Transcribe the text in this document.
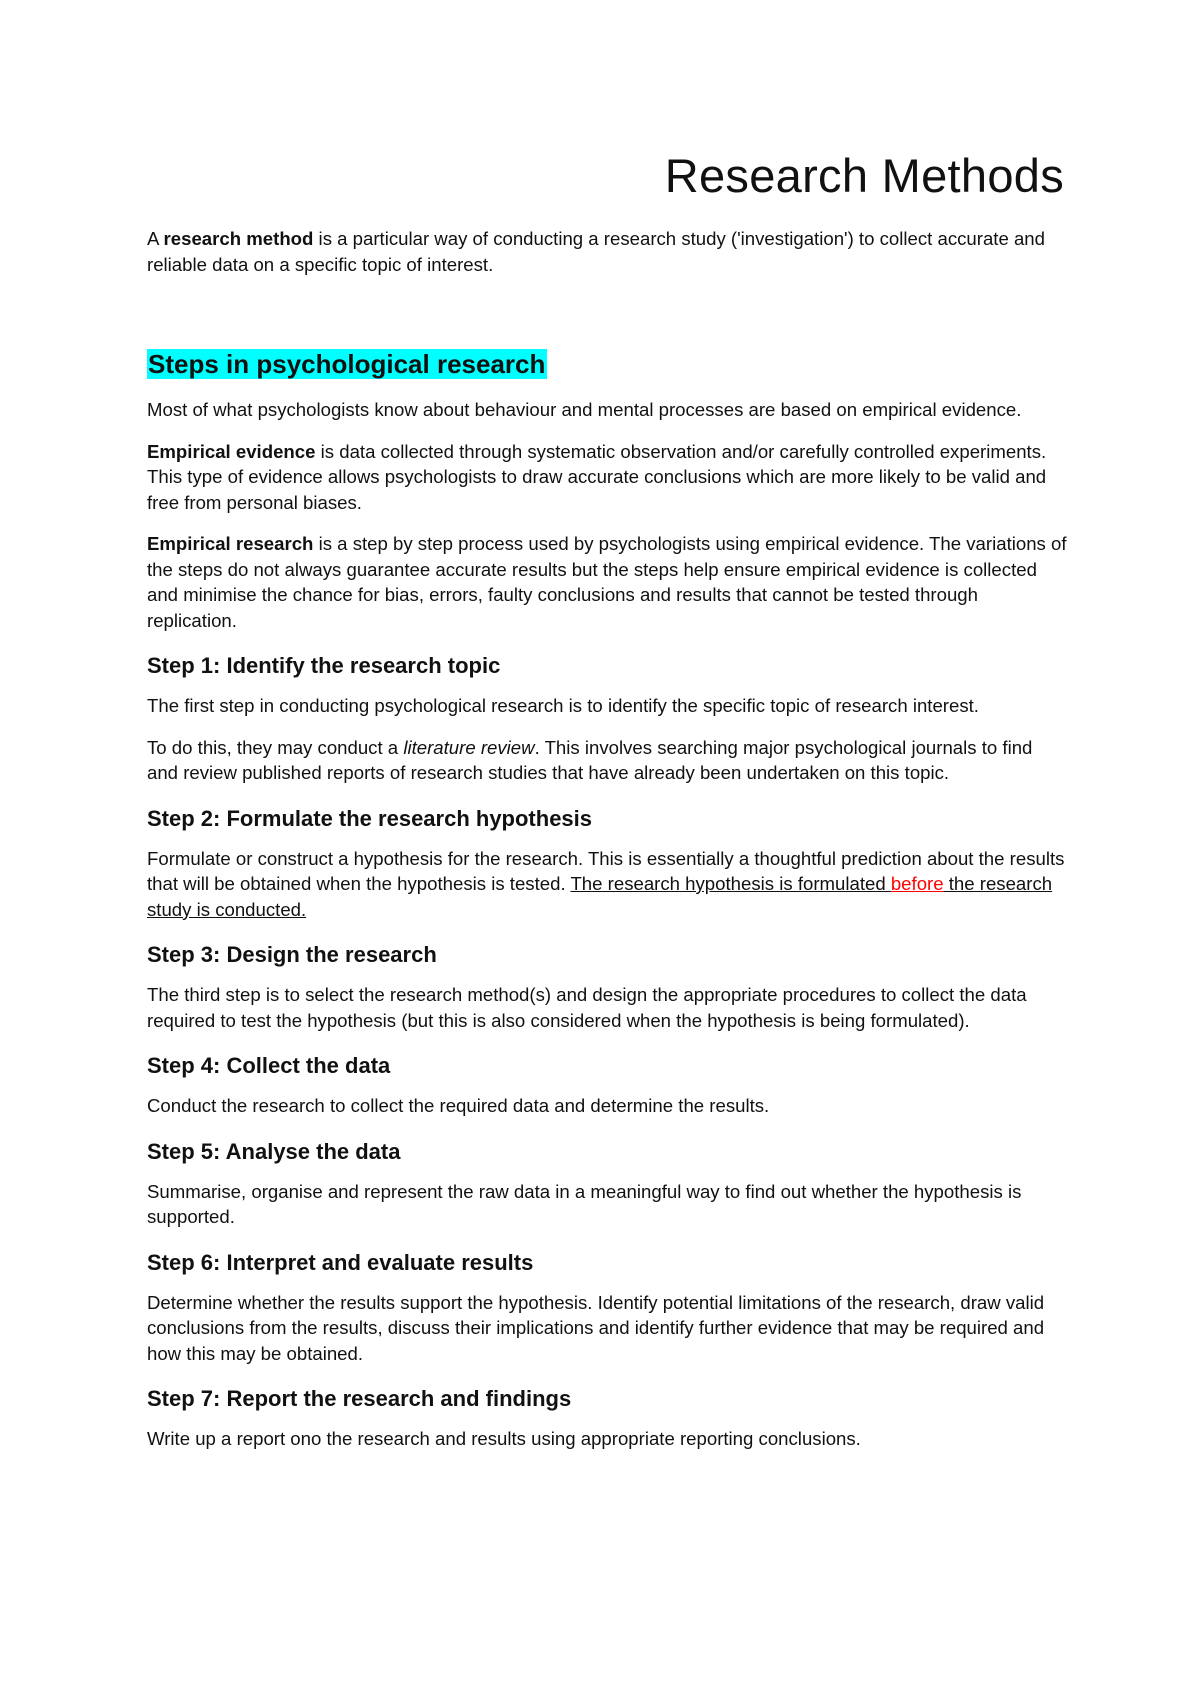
Research Methods

A research method is a particular way of conducting a research study ('investigation') to collect accurate and reliable data on a specific topic of interest.

Steps in psychological research

Most of what psychologists know about behaviour and mental processes are based on empirical evidence.

Empirical evidence is data collected through systematic observation and/or carefully controlled experiments. This type of evidence allows psychologists to draw accurate conclusions which are more likely to be valid and free from personal biases.

Empirical research is a step by step process used by psychologists using empirical evidence. The variations of the steps do not always guarantee accurate results but the steps help ensure empirical evidence is collected and minimise the chance for bias, errors, faulty conclusions and results that cannot be tested through replication.

Step 1: Identify the research topic

The first step in conducting psychological research is to identify the specific topic of research interest.

To do this, they may conduct a literature review. This involves searching major psychological journals to find and review published reports of research studies that have already been undertaken on this topic.

Step 2: Formulate the research hypothesis

Formulate or construct a hypothesis for the research. This is essentially a thoughtful prediction about the results that will be obtained when the hypothesis is tested. The research hypothesis is formulated before the research study is conducted.

Step 3: Design the research

The third step is to select the research method(s) and design the appropriate procedures to collect the data required to test the hypothesis (but this is also considered when the hypothesis is being formulated).

Step 4: Collect the data

Conduct the research to collect the required data and determine the results.

Step 5: Analyse the data

Summarise, organise and represent the raw data in a meaningful way to find out whether the hypothesis is supported.

Step 6: Interpret and evaluate results

Determine whether the results support the hypothesis. Identify potential limitations of the research, draw valid conclusions from the results, discuss their implications and identify further evidence that may be required and how this may be obtained.

Step 7: Report the research and findings

Write up a report ono the research and results using appropriate reporting conclusions.
